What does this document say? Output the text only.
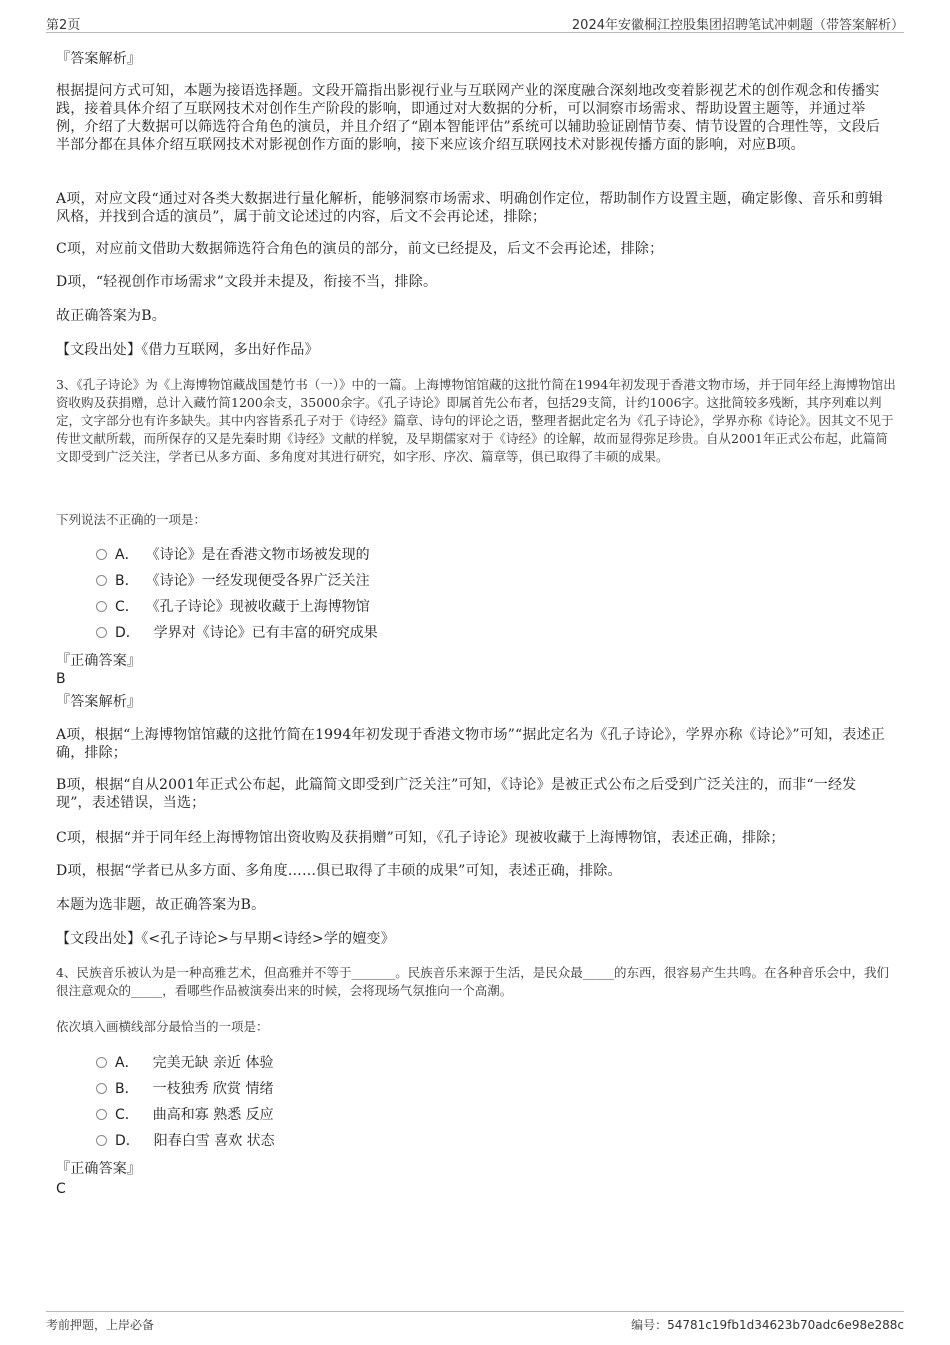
第2页	2024年安徽桐江控股集团招聘笔试冲刺题（带答案解析）
『答案解析』
根据提问方式可知，本题为接语选择题。文段开篇指出影视行业与互联网产业的深度融合深刻地改变着影视艺术的创作观念和传播实践，接着具体介绍了互联网技术对创作生产阶段的影响，即通过对大数据的分析，可以洞察市场需求、帮助设置主题等，并通过举例，介绍了大数据可以筛选符合角色的演员，并且介绍了“剧本智能评估”系统可以辅助验证剧情节奏、情节设置的合理性等，文段后半部分都在具体介绍互联网技术对影视创作方面的影响，接下来应该介绍互联网技术对影视传播方面的影响，对应B项。
A项，对应文段“通过对各类大数据进行量化解析，能够洞察市场需求、明确创作定位，帮助制作方设置主题，确定影像、音乐和剪辑风格，并找到合适的演员”，属于前文论述过的内容，后文不会再论述，排除；
C项，对应前文借助大数据筛选符合角色的演员的部分，前文已经提及，后文不会再论述，排除；
D项，“轻视创作市场需求”文段并未提及，衔接不当，排除。
故正确答案为B。
【文段出处】《借力互联网，多出好作品》
3、《孔子诗论》为《上海博物馆藏战国楚竹书（一）》中的一篇。上海博物馆馆藏的这批竹简在1994年初发现于香港文物市场，并于同年经上海博物馆出资收购及获捐赠，总计入藏竹简1200余支，35000余字。《孔子诗论》即属首先公布者，包括29支简，计约1006字。这批简较多残断，其序列难以判定，文字部分也有许多缺失。其中内容皆系孔子对于《诗经》篇章、诗句的评论之语，整理者据此定名为《孔子诗论》，学界亦称《诗论》。因其文不见于传世文献所载，而所保存的又是先秦时期《诗经》文献的样貌，及早期儒家对于《诗经》的诠解，故而显得弥足珍贵。自从2001年正式公布起，此篇简文即受到广泛关注，学者已从多方面、多角度对其进行研究，如字形、序次、篇章等，俱已取得了丰硕的成果。
下列说法不正确的一项是：
A． 《诗论》是在香港文物市场被发现的
B． 《诗论》一经发现便受各界广泛关注
C． 《孔子诗论》现被收藏于上海博物馆
D． 学界对《诗论》已有丰富的研究成果
『正确答案』
B
『答案解析』
A项，根据“上海博物馆馆藏的这批竹简在1994年初发现于香港文物市场”“据此定名为《孔子诗论》，学界亦称《诗论》”可知，表述正确，排除；
B项，根据“自从2001年正式公布起，此篇简文即受到广泛关注”可知，《诗论》是被正式公布之后受到广泛关注的，而非“一经发现”，表述错误，当选；
C项，根据“并于同年经上海博物馆出资收购及获捐赠”可知，《孔子诗论》现被收藏于上海博物馆，表述正确，排除；
D项，根据“学者已从多方面、多角度……俱已取得了丰硕的成果”可知，表述正确，排除。
本题为选非题，故正确答案为B。
【文段出处】《<孔子诗论>与早期<诗经>学的嬗变》
4、民族音乐被认为是一种高雅艺术，但高雅并不等于_______。民族音乐来源于生活，是民众最_____的东西，很容易产生共鸣。在各种音乐会中，我们很注意观众的_____，看哪些作品被演奏出来的时候，会将现场气氛推向一个高潮。
依次填入画横线部分最恰当的一项是：
A． 完美无缺 亲近 体验
B． 一枝独秀 欣赏 情绪
C． 曲高和寡 熟悉 反应
D． 阳春白雪 喜欢 状态
『正确答案』
C
考前押题，上岸必备	编号：54781c19fb1d34623b70adc6e98e288c
